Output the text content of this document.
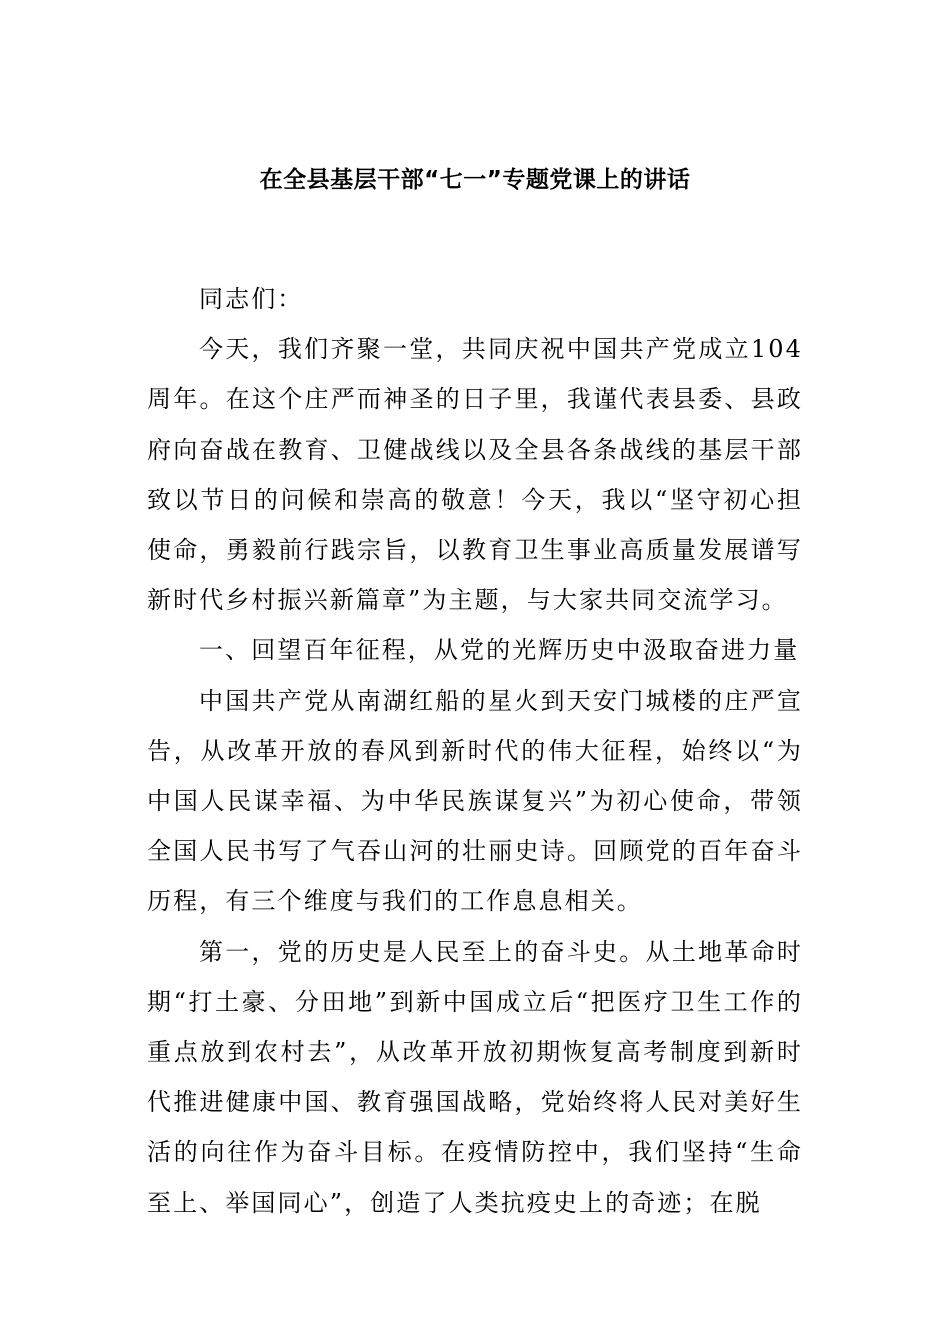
在全县基层干部“七一”专题党课上的讲话

同志们：

今天，我们齐聚一堂，共同庆祝中国共产党成立104周年。在这个庄严而神圣的日子里，我谨代表县委、县政府向奋战在教育、卫健战线以及全县各条战线的基层干部致以节日的问候和崇高的敬意！今天，我以“坚守初心担使命，勇毅前行践宗旨，以教育卫生事业高质量发展谱写新时代乡村振兴新篇章”为主题，与大家共同交流学习。

一、回望百年征程，从党的光辉历史中汲取奋进力量

中国共产党从南湖红船的星火到天安门城楼的庄严宣告，从改革开放的春风到新时代的伟大征程，始终以“为中国人民谋幸福、为中华民族谋复兴”为初心使命，带领全国人民书写了气吞山河的壮丽史诗。回顾党的百年奋斗历程，有三个维度与我们的工作息息相关。

第一，党的历史是人民至上的奋斗史。从土地革命时期“打土豪、分田地”到新中国成立后“把医疗卫生工作的重点放到农村去”，从改革开放初期恢复高考制度到新时代推进健康中国、教育强国战略，党始终将人民对美好生活的向往作为奋斗目标。在疫情防控中，我们坚持“生命至上、举国同心”，创造了人类抗疫史上的奇迹；在脱
